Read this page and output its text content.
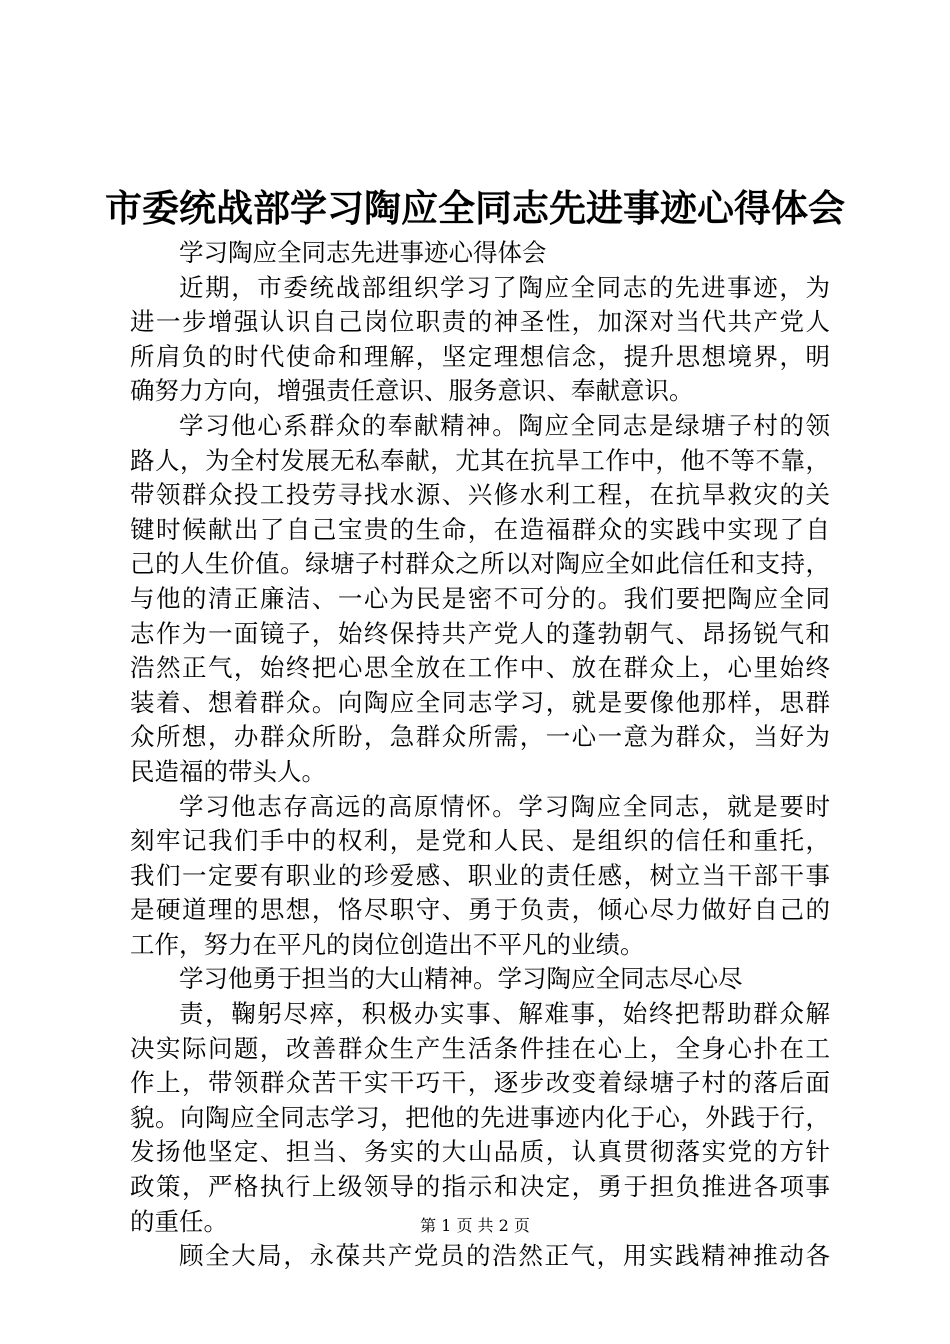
市委统战部学习陶应全同志先进事迹心得体会
学习陶应全同志先进事迹心得体会
近期，市委统战部组织学习了陶应全同志的先进事迹，为
进一步增强认识自己岗位职责的神圣性，加深对当代共产党人
所肩负的时代使命和理解，坚定理想信念，提升思想境界，明
确努力方向，增强责任意识、服务意识、奉献意识。
学习他心系群众的奉献精神。陶应全同志是绿塘子村的领
路人，为全村发展无私奉献，尤其在抗旱工作中，他不等不靠，
带领群众投工投劳寻找水源、兴修水利工程，在抗旱救灾的关
键时候献出了自己宝贵的生命，在造福群众的实践中实现了自
己的人生价值。绿塘子村群众之所以对陶应全如此信任和支持，
与他的清正廉洁、一心为民是密不可分的。我们要把陶应全同
志作为一面镜子，始终保持共产党人的蓬勃朝气、昂扬锐气和
浩然正气，始终把心思全放在工作中、放在群众上，心里始终
装着、想着群众。向陶应全同志学习，就是要像他那样，思群
众所想，办群众所盼，急群众所需，一心一意为群众，当好为
民造福的带头人。
学习他志存高远的高原情怀。学习陶应全同志，就是要时
刻牢记我们手中的权利，是党和人民、是组织的信任和重托，
我们一定要有职业的珍爱感、职业的责任感，树立当干部干事
是硬道理的思想，恪尽职守、勇于负责，倾心尽力做好自己的
工作，努力在平凡的岗位创造出不平凡的业绩。
学习他勇于担当的大山精神。学习陶应全同志尽心尽
责，鞠躬尽瘁，积极办实事、解难事，始终把帮助群众解
决实际问题，改善群众生产生活条件挂在心上，全身心扑在工
作上，带领群众苦干实干巧干，逐步改变着绿塘子村的落后面
貌。向陶应全同志学习，把他的先进事迹内化于心，外践于行，
发扬他坚定、担当、务实的大山品质，认真贯彻落实党的方针
政策，严格执行上级领导的指示和决定，勇于担负推进各项事
的重任。
顾全大局，永葆共产党员的浩然正气，用实践精神推动各
第 1 页 共 2 页
